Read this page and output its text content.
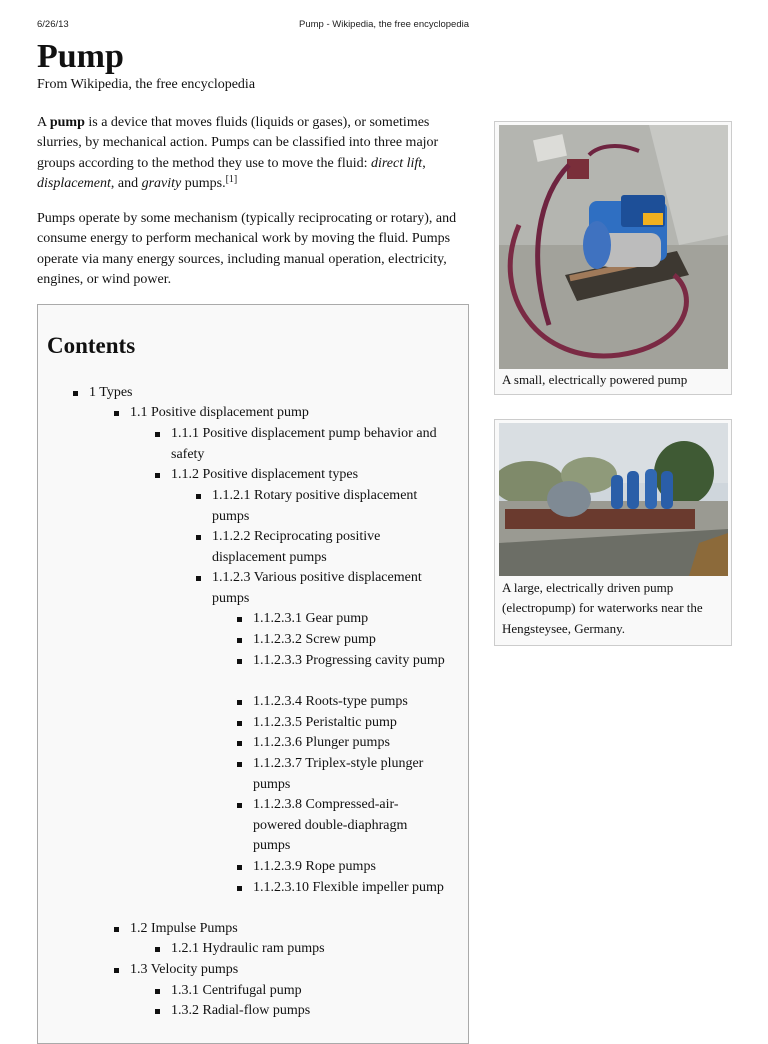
6/26/13	Pump - Wikipedia, the free encyclopedia
Pump
From Wikipedia, the free encyclopedia

A pump is a device that moves fluids (liquids or gases), or sometimes slurries, by mechanical action. Pumps can be classified into three major groups according to the method they use to move the fluid: direct lift, displacement, and gravity pumps.[1]

Pumps operate by some mechanism (typically reciprocating or rotary), and consume energy to perform mechanical work by moving the fluid. Pumps operate via many energy sources, including manual operation, electricity, engines, or wind power.

Contents
1 Types
1.1 Positive displacement pump
1.1.1 Positive displacement pump behavior and safety
1.1.2 Positive displacement types
1.1.2.1 Rotary positive displacement pumps
1.1.2.2 Reciprocating positive displacement pumps
1.1.2.3 Various positive displacement pumps
1.1.2.3.1 Gear pump
1.1.2.3.2 Screw pump
1.1.2.3.3 Progressing cavity pump
1.1.2.3.4 Roots-type pumps
1.1.2.3.5 Peristaltic pump
1.1.2.3.6 Plunger pumps
1.1.2.3.7 Triplex-style plunger pumps
1.1.2.3.8 Compressed-air-powered double-diaphragm pumps
1.1.2.3.9 Rope pumps
1.1.2.3.10 Flexible impeller pump
1.2 Impulse Pumps
1.2.1 Hydraulic ram pumps
1.3 Velocity pumps
1.3.1 Centrifugal pump
1.3.2 Radial-flow pumps

A small, electrically powered pump

A large, electrically driven pump (electropump) for waterworks near the Hengsteysee, Germany.
